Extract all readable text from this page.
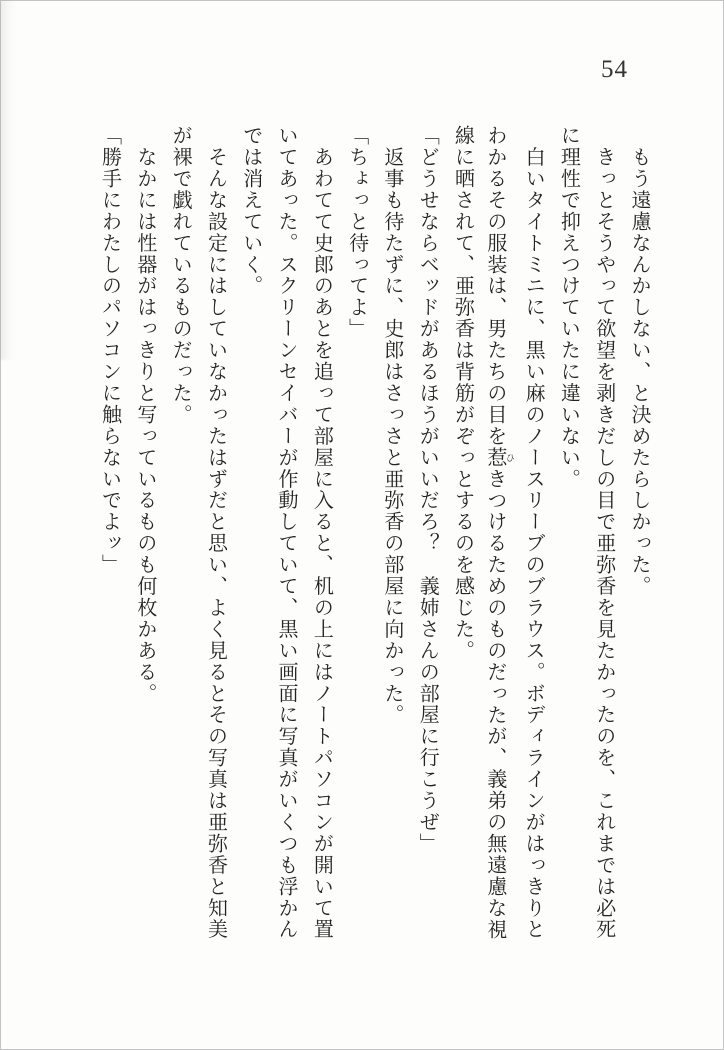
54
　もう遠慮なんかしない、と決めたらしかった。
　きっとそうやって欲望を剥きだしの目で亜弥香を見たかったのを、これまでは必死
に理性で抑えつけていたに違いない。
　白いタイトミニに、黒い麻のノースリーブのブラウス。ボディラインがはっきりと
わかるその服装は、男たちの目を惹 ひきつけるためのものだったが、義弟の無遠慮な視
線に晒されて、亜弥香は背筋がぞっとするのを感じた。
「どうせならベッドがあるほうがいいだろ？　義姉さんの部屋に行こうぜ」
　返事も待たずに、史郎はさっさと亜弥香の部屋に向かった。
「ちょっと待ってよ」
　あわてて史郎のあとを追って部屋に入ると、机の上にはノートパソコンが開いて置
いてあった。スクリーンセイバーが作動していて、黒い画面に写真がいくつも浮かん
では消えていく。
　そんな設定にはしていなかったはずだと思い、よく見るとその写真は亜弥香と知美
が裸で戯れているものだった。
　なかには性器がはっきりと写っているものも何枚かある。
「勝手にわたしのパソコンに触らないでよッ」
